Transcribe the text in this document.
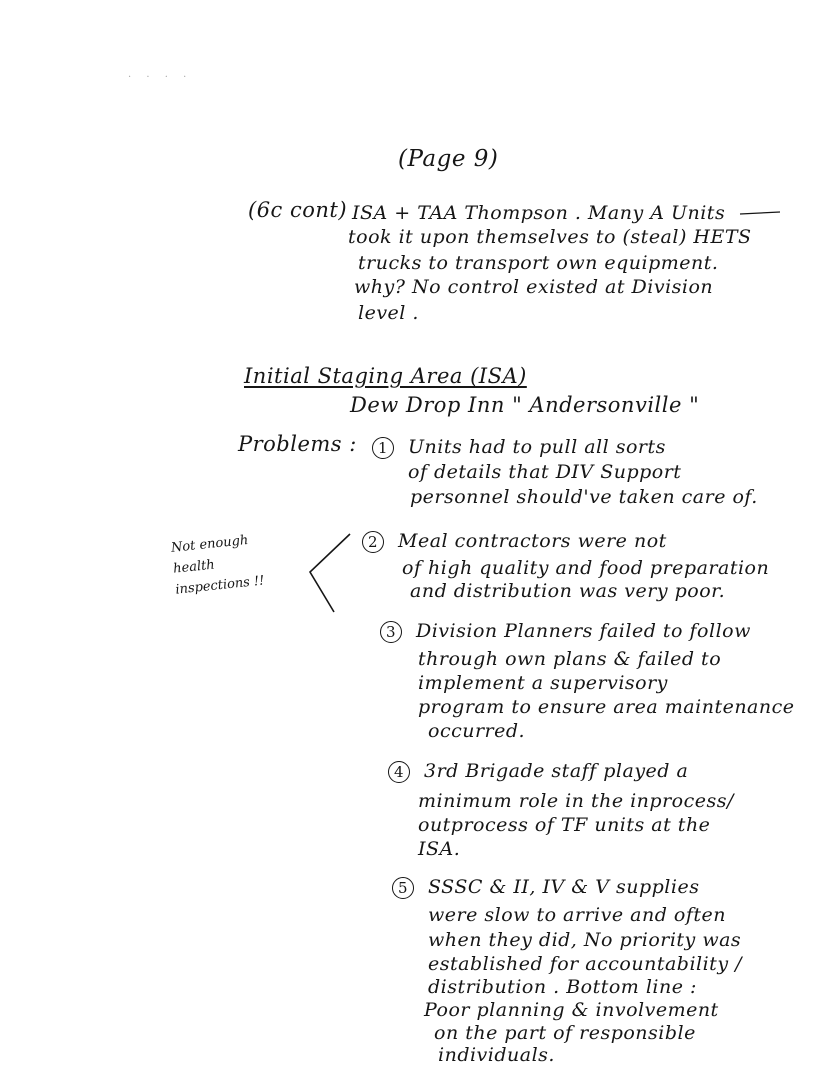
· · · ·
(Page 9)
(6c cont) ISA + TAA Thompson . Many A Units
took it upon themselves to (steal) HETS
trucks to transport own equipment.
why? No control existed at Division
level .
Initial Staging Area (ISA)
Dew Drop Inn " Andersonville "
Problems :
Not enough
health
inspections !!
1 Units had to pull all sorts
of details that DIV Support
personnel should've taken care of.
2 Meal contractors were not
of high quality and food preparation
and distribution was very poor.
3 Division Planners failed to follow
through own plans & failed to
implement a supervisory
program to ensure area maintenance
occurred.
4 3rd Brigade staff played a
minimum role in the inprocess/
outprocess of TF units at the
ISA.
5 SSSC & II, IV & V supplies
were slow to arrive and often
when they did, No priority was
established for accountability /
distribution . Bottom line :
Poor planning & involvement
on the part of responsible
individuals.
